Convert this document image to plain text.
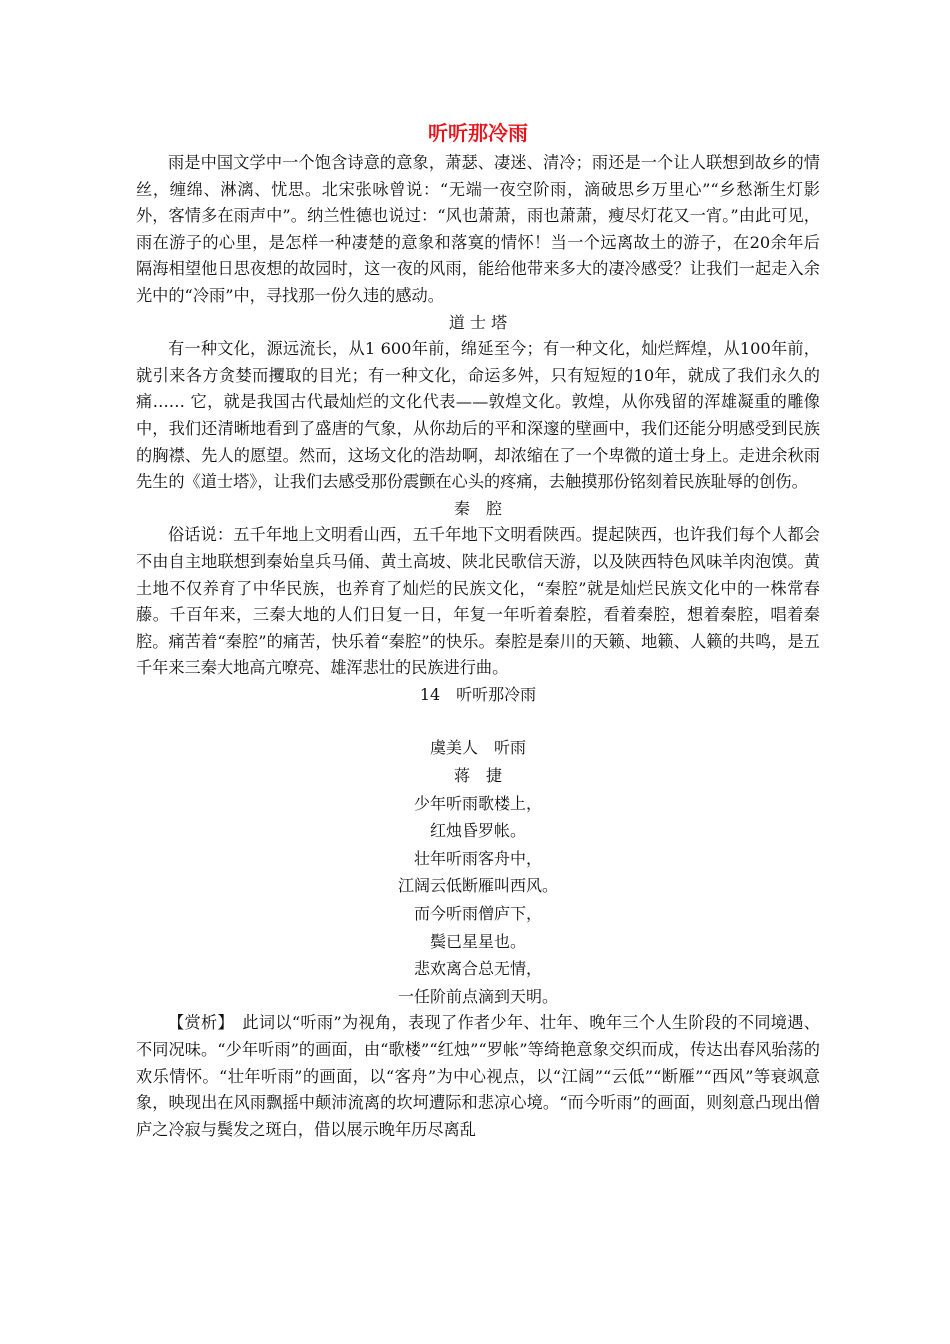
听听那冷雨

雨是中国文学中一个饱含诗意的意象，萧瑟、凄迷、清冷；雨还是一个让人联想到故乡的情丝，缠绵、淋漓、忧思。北宋张咏曾说：“无端一夜空阶雨，滴破思乡万里心”“乡愁渐生灯影外，客情多在雨声中”。纳兰性德也说过：“风也萧萧，雨也萧萧，瘦尽灯花又一宵。”由此可见，雨在游子的心里，是怎样一种凄楚的意象和落寞的情怀！当一个远离故土的游子，在20余年后隔海相望他日思夜想的故园时，这一夜的风雨，能给他带来多大的凄冷感受？让我们一起走入余光中的“冷雨”中，寻找那一份久违的感动。

道 士 塔

有一种文化，源远流长，从1 600年前，绵延至今；有一种文化，灿烂辉煌，从100年前，就引来各方贪婪而攫取的目光；有一种文化，命运多舛，只有短短的10年，就成了我们永久的痛…… 它，就是我国古代最灿烂的文化代表——敦煌文化。敦煌，从你残留的浑雄凝重的雕像中，我们还清晰地看到了盛唐的气象，从你劫后的平和深邃的壁画中，我们还能分明感受到民族的胸襟、先人的愿望。然而，这场文化的浩劫啊，却浓缩在了一个卑微的道士身上。走进余秋雨先生的《道士塔》，让我们去感受那份震颤在心头的疼痛，去触摸那份铭刻着民族耻辱的创伤。

秦　腔

俗话说：五千年地上文明看山西，五千年地下文明看陕西。提起陕西，也许我们每个人都会不由自主地联想到秦始皇兵马俑、黄土高坡、陕北民歌信天游，以及陕西特色风味羊肉泡馍。黄土地不仅养育了中华民族，也养育了灿烂的民族文化，“秦腔”就是灿烂民族文化中的一株常春藤。千百年来，三秦大地的人们日复一日，年复一年听着秦腔，看着秦腔，想着秦腔，唱着秦腔。痛苦着“秦腔”的痛苦，快乐着“秦腔”的快乐。秦腔是秦川的天籁、地籁、人籁的共鸣，是五千年来三秦大地高亢嘹亮、雄浑悲壮的民族进行曲。

14　听听那冷雨

虞美人　听雨

蒋　捷

少年听雨歌楼上，

红烛昏罗帐。

壮年听雨客舟中，

江阔云低断雁叫西风。

而今听雨僧庐下，

鬓已星星也。

悲欢离合总无情，

一任阶前点滴到天明。

【赏析】　此词以“听雨”为视角，表现了作者少年、壮年、晚年三个人生阶段的不同境遇、不同况味。“少年听雨”的画面，由“歌楼”“红烛”“罗帐”等绮艳意象交织而成，传达出春风骀荡的欢乐情怀。“壮年听雨”的画面，以“客舟”为中心视点，以“江阔”“云低”“断雁”“西风”等衰飒意象，映现出在风雨飘摇中颠沛流离的坎坷遭际和悲凉心境。“而今听雨”的画面，则刻意凸现出僧庐之冷寂与鬓发之斑白，借以展示晚年历尽离乱
